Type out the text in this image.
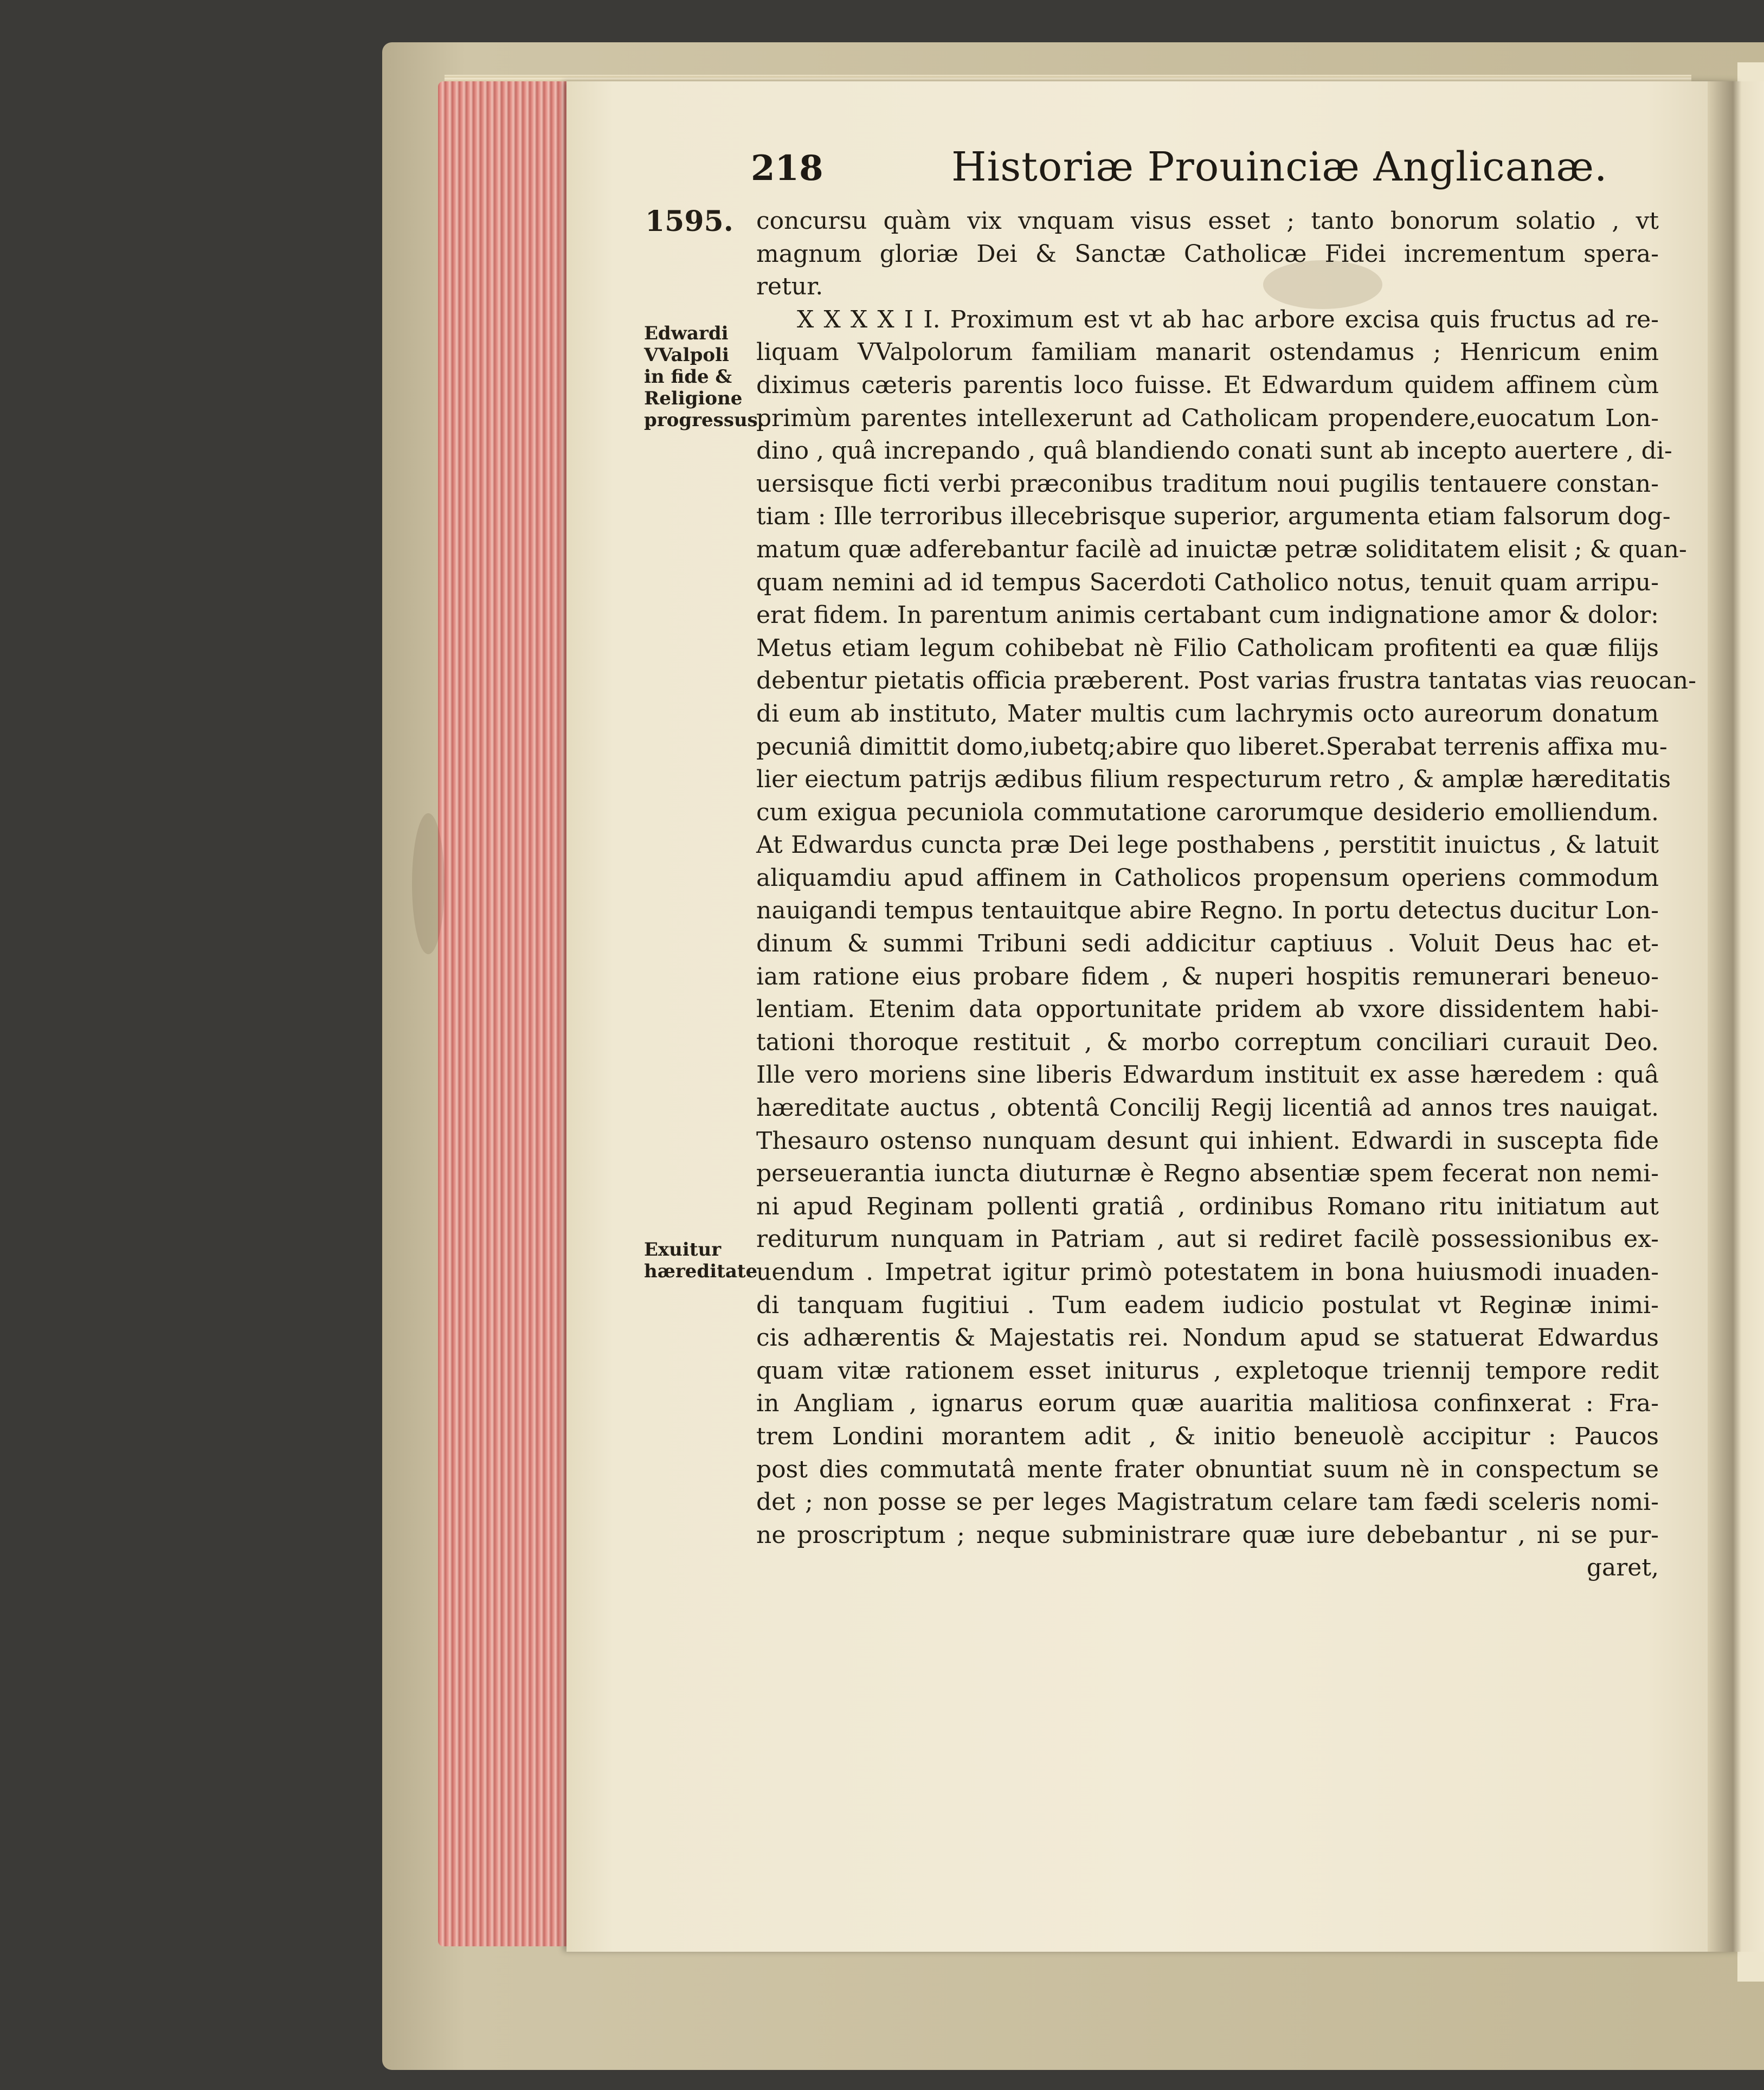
218	Historiæ Prouinciæ Anglicanæ.
1595.
Edwardi
VValpoli
in fide &
Religione
progressus.
Exuitur
hæreditate
concursu quàm vix vnquam visus esset ; tanto bonorum solatio , vt
magnum gloriæ Dei & Sanctæ Catholicæ Fidei incrementum spera-
retur.
X X X X I I. Proximum est vt ab hac arbore excisa quis fructus ad re-
liquam VValpolorum familiam manarit ostendamus ; Henricum enim
diximus cæteris parentis loco fuisse. Et Edwardum quidem affinem cùm
primùm parentes intellexerunt ad Catholicam propendere,euocatum Lon-
dino , quâ increpando , quâ blandiendo conati sunt ab incepto auertere , di-
uersisque ficti verbi præconibus traditum noui pugilis tentauere constan-
tiam : Ille terroribus illecebrisque superior, argumenta etiam falsorum dog-
matum quæ adferebantur facilè ad inuictæ petræ soliditatem elisit ; & quan-
quam nemini ad id tempus Sacerdoti Catholico notus, tenuit quam arripu-
erat fidem. In parentum animis certabant cum indignatione amor & dolor:
Metus etiam legum cohibebat nè Filio Catholicam profitenti ea quæ filijs
debentur pietatis officia præberent. Post varias frustra tantatas vias reuocan-
di eum ab instituto, Mater multis cum lachrymis octo aureorum donatum
pecuniâ dimittit domo,iubetq;abire quo liberet.Sperabat terrenis affixa mu-
lier eiectum patrijs ædibus filium respecturum retro , & amplæ hæreditatis
cum exigua pecuniola commutatione carorumque desiderio emolliendum.
At Edwardus cuncta præ Dei lege posthabens , perstitit inuictus , & latuit
aliquamdiu apud affinem in Catholicos propensum operiens commodum
nauigandi tempus tentauitque abire Regno. In portu detectus ducitur Lon-
dinum & summi Tribuni sedi addicitur captiuus . Voluit Deus hac et-
iam ratione eius probare fidem , & nuperi hospitis remunerari beneuo-
lentiam. Etenim data opportunitate pridem ab vxore dissidentem habi-
tationi thoroque restituit , & morbo correptum conciliari curauit Deo.
Ille vero moriens sine liberis Edwardum instituit ex asse hæredem : quâ
hæreditate auctus , obtentâ Concilij Regij licentiâ ad annos tres nauigat.
Thesauro ostenso nunquam desunt qui inhient. Edwardi in suscepta fide
perseuerantia iuncta diuturnæ è Regno absentiæ spem fecerat non nemi-
ni apud Reginam pollenti gratiâ , ordinibus Romano ritu initiatum aut
rediturum nunquam in Patriam , aut si rediret facilè possessionibus ex-
uendum . Impetrat igitur primò potestatem in bona huiusmodi inuaden-
di tanquam fugitiui . Tum eadem iudicio postulat vt Reginæ inimi-
cis adhærentis & Majestatis rei. Nondum apud se statuerat Edwardus
quam vitæ rationem esset initurus , expletoque triennij tempore redit
in Angliam , ignarus eorum quæ auaritia malitiosa confinxerat : Fra-
trem Londini morantem adit , & initio beneuolè accipitur : Paucos
post dies commutatâ mente frater obnuntiat suum nè in conspectum se
det ; non posse se per leges Magistratum celare tam fædi sceleris nomi-
ne proscriptum ; neque subministrare quæ iure debebantur , ni se pur-
garet,
